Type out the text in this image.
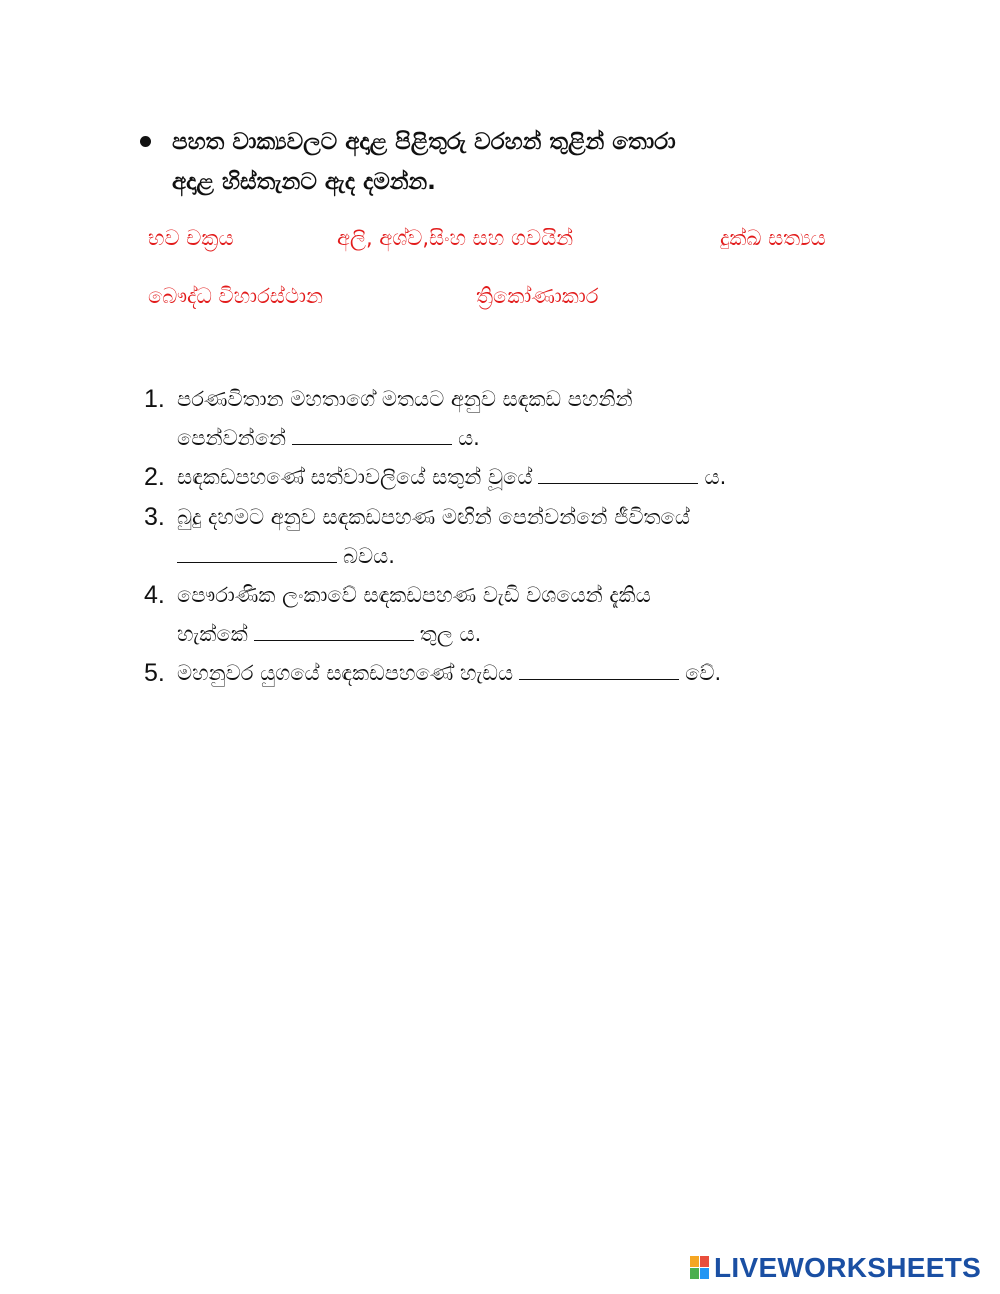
පහත වාක්‍යවලට අදාළ පිළිතුරු වරහන් තුළින් තොරා
අදාළ හිස්තැනට ඇද දමන්න.
භව චක්‍රය	අලි, අශ්ව,සිංහ සහ ගවයින්	දුක්ඛ සත්‍යය
බෞද්ධ විහාරස්ථාන	ත්‍රිකෝණාකාර
1. පරණවිතාන මහතාගේ මතයට අනුව සඳකඩ පහනින්
පෙන්වන්නේ	ය.
2. සඳකඩපහණේ සත්වාවලියේ සතුන් වූයේ	ය.
3. බුදු දහමට අනුව සඳකඩපහණ මඟින් පෙන්වන්නේ ජීවිතයේ
බවය.
4. පෞරාණික ලංකාවේ සඳකඩපහණ වැඩි වශයෙන් දැකිය
හැක්කේ	තුල ය.
5. මහනුවර යුගයේ සඳකඩපහණේ හැඩය	වේ.
LIVEWORKSHEETS
